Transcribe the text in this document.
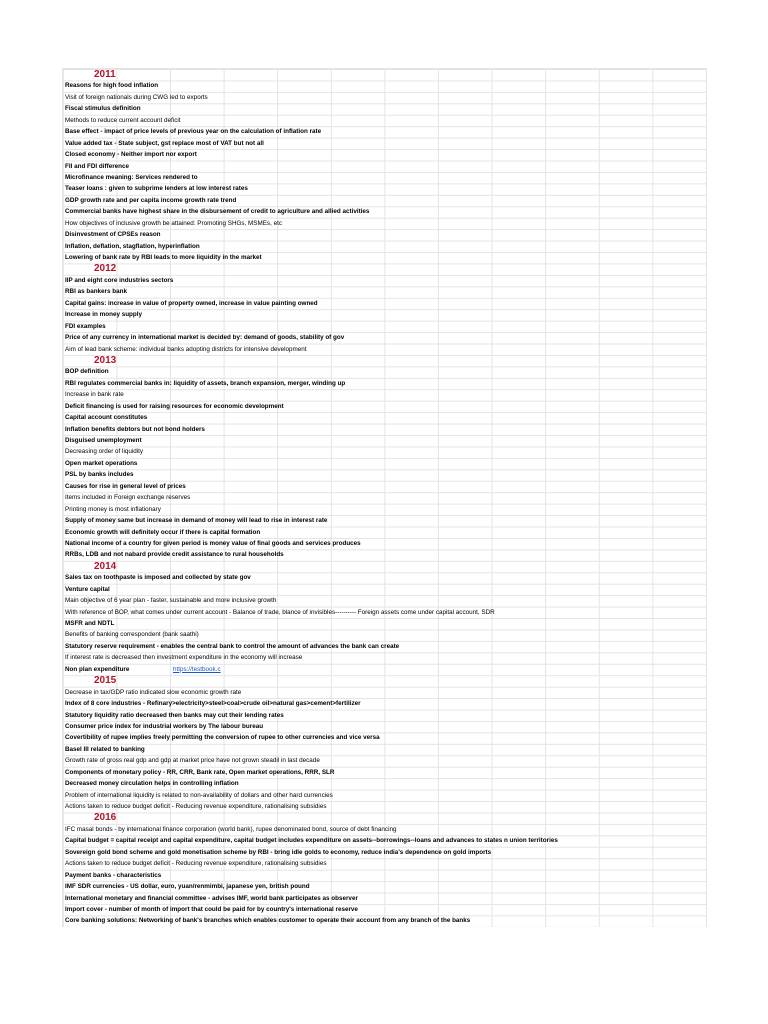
2011
Reasons for high food inflation
Visit of foreign nationals during CWG led to exports
Fiscal stimulus definition
Methods to reduce current account deficit
Base effect - impact of price levels of previous year on the calculation of inflation rate
Value added tax - State subject, gst replace most of VAT but not all
Closed economy - Neither import nor export
FII and FDI difference
Microfinance meaning: Services rendered to
Teaser loans : given to subprime lenders at low interest rates
GDP growth rate and per capita income growth rate trend
Commercial banks have highest share in the disbursement of credit to agriculture and allied activities
How objectives of inclusive growth be attained: Promoting SHGs, MSMEs, etc
Disinvestment of CPSEs reason
Inflation, deflation, stagflation, hyperinflation
Lowering of bank rate by RBI leads to more liquidity in the market
2012
IIP and eight core industries sectors
RBI as bankers bank
Capital gains: increase in value of property owned, increase in value painting owned
Increase in money supply
FDI examples
Price of any currency in international market is decided by: demand of goods, stability of gov
Aim of lead bank scheme: individual banks adopting districts for intensive development
2013
BOP definition
RBI regulates commercial banks in: liquidity of assets, branch expansion, merger, winding up
Increase in bank rate
Deficit financing is used for raising resources for economic development
Capital account constitutes
Inflation benefits debtors but not bond holders
Disguised unemployment
Decreasing order of liquidity
Open market operations
PSL by banks includes
Causes for rise in general level of prices
Items included in Foreign exchange reserves
Printing money is most inflationary
Supply of money same but increase in demand of money will lead to rise in interest rate
Economic growth will definitely occur if there is capital formation
National income of a country for given period is money value of final goods and services produces
RRBs, LDB and not nabard provide credit assistance to rural households
2014
Sales tax on toothpaste is imposed and collected by state gov
Venture capital
Main objective of 6 year plan - faster, sustainable and more inclusive growth
With reference of BOP, what comes under current account - Balance of trade, blance of invisibles---------- Foreign assets come under capital account, SDR
MSFR and NDTL
Benefits of banking correspondent (bank saathi)
Statutory reserve requirement - enables the central bank to control the amount of advances the bank can create
If interest rate is decreased then investment expenditure in the economy will increase
Non plan expenditure	https://testbook.c
2015
Decrease in tax/GDP ratio indicated slow economic growth rate
Index of 8 core industries - Refinary>electricity>steel>coal>crude oil>natural gas>cement>fertilizer
Statutory liquidity ratio decreased then banks may cut their lending rates
Consumer price index for industrial workers by The labour bureau
Covertibility of rupee implies freely permitting the conversion of rupee to other currencies and vice versa
Basel III related to banking
Growth rate of gross real gdp and gdp at market price have not grown steadil in last decade
Components of monetary policy - RR, CRR, Bank rate, Open market operations, RRR, SLR
Decreased money circulation helps in controlling inflation
Problem of international liquidity is related to non-availability of dollars and other hard currencies
Actions taken to reduce budget deficit - Reducing revenue expenditure, rationalising subsidies
2016
IFC masal bonds - by international finance corporation (world bank), rupee denominated bond, source of debt financing
Capital budget = capital receipt and capital expenditure, capital budget includes expenditure on assets--borrowings--loans and advances to states n union territories
Sovereign gold bond scheme and gold monetisation scheme by RBI - bring idle golds to economy, reduce india's dependence on gold imports
Actions taken to reduce budget deficit - Reducing revenue expenditure, rationalising subsidies
Payment banks - characteristics
IMF SDR currencies - US dollar, euro, yuan/renmimbi, japanese yen, british pound
International monetary and financial committee - advises IMF, world bank participates as observer
Import cover - number of month of import that could be paid for by country's international reserve
Core banking solutions: Networking of bank's branches which enables customer to operate their account from any branch of the banks
